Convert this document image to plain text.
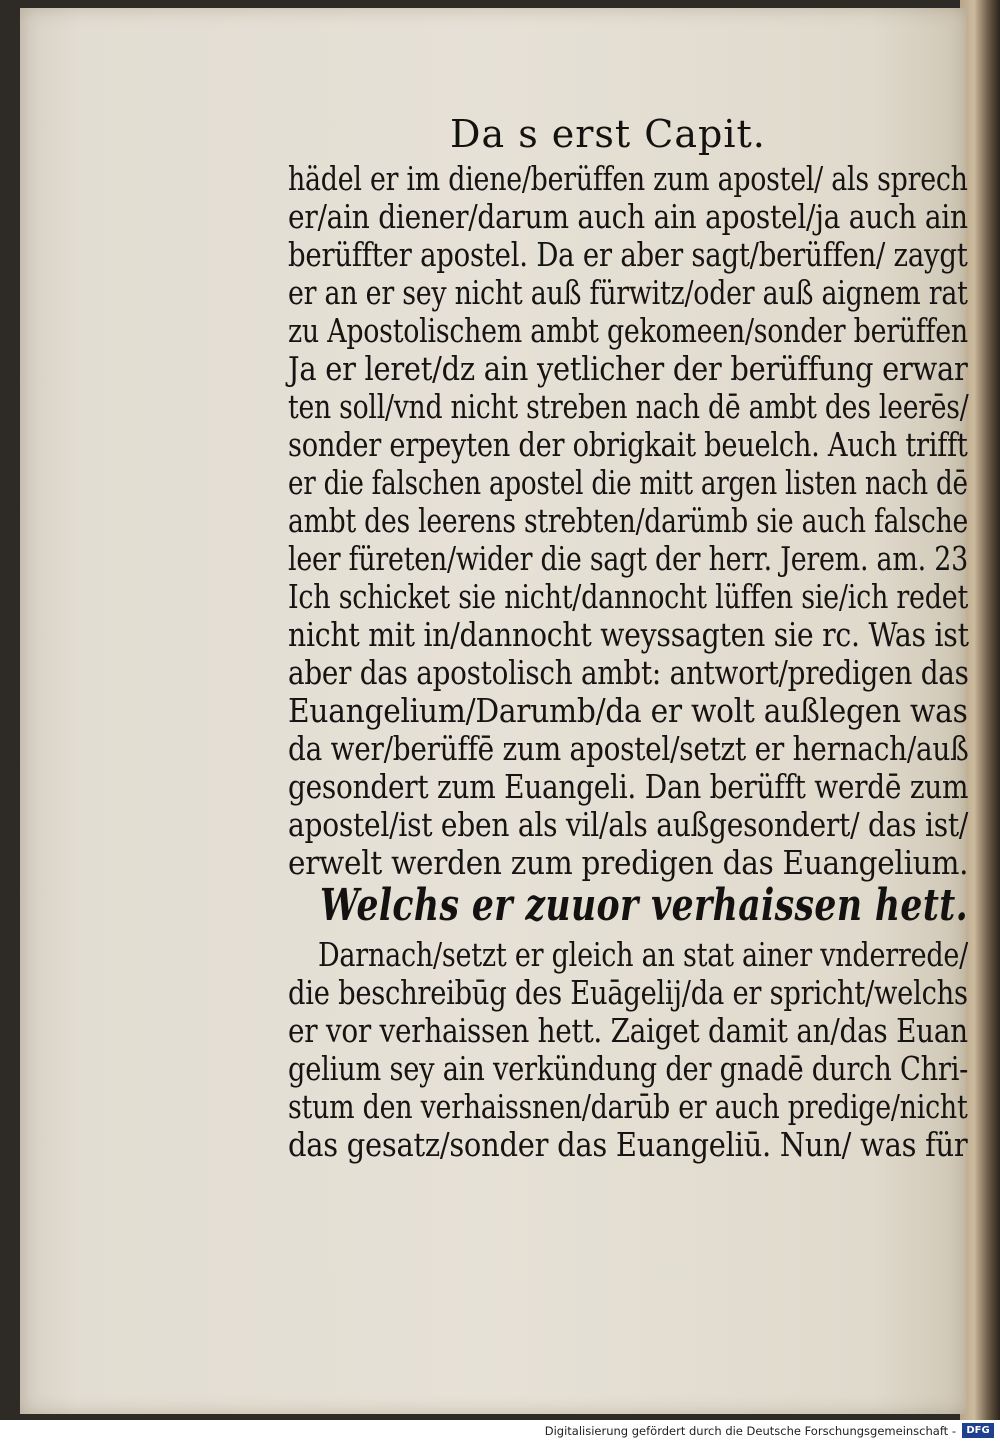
Da s erst Capit.
hädel er im diene/berüffen zum apostel/ als sprech
er/ain diener/darum auch ain apostel/ja auch ain
berüffter apostel. Da er aber sagt/berüffen/ zaygt
er an er sey nicht auß fürwitz/oder auß aignem rat
zu Apostolischem ambt gekomeen/sonder berüffen
Ja er leret/dz ain yetlicher der berüffung erwar
ten soll/vnd nicht streben nach dē ambt des leerēs/
sonder erpeyten der obrigkait beuelch. Auch trifft
er die falschen apostel die mitt argen listen nach dē
ambt des leerens strebten/darümb sie auch falsche
leer füreten/wider die sagt der herr. Jerem. am. 23
Ich schicket sie nicht/dannocht lüffen sie/ich redet
nicht mit in/dannocht weyssagten sie rc. Was ist
aber das apostolisch ambt: antwort/predigen das
Euangelium/Darumb/da er wolt außlegen was
da wer/berüffē zum apostel/setzt er hernach/auß
gesondert zum Euangeli. Dan berüfft werdē zum
apostel/ist eben als vil/als außgesondert/ das ist/
erwelt werden zum predigen das Euangelium.
Welchs er zuuor verhaissen hett.
Darnach/setzt er gleich an stat ainer vnderrede/
die beschreibūg des Euāgelij/da er spricht/welchs
er vor verhaissen hett. Zaiget damit an/das Euan
gelium sey ain verkündung der gnadē durch Chri-
stum den verhaissnen/darūb er auch predige/nicht
das gesatz/sonder das Euangeliū. Nun/ was für
Digitalisierung gefördert durch die Deutsche Forschungsgemeinschaft -	DFG
